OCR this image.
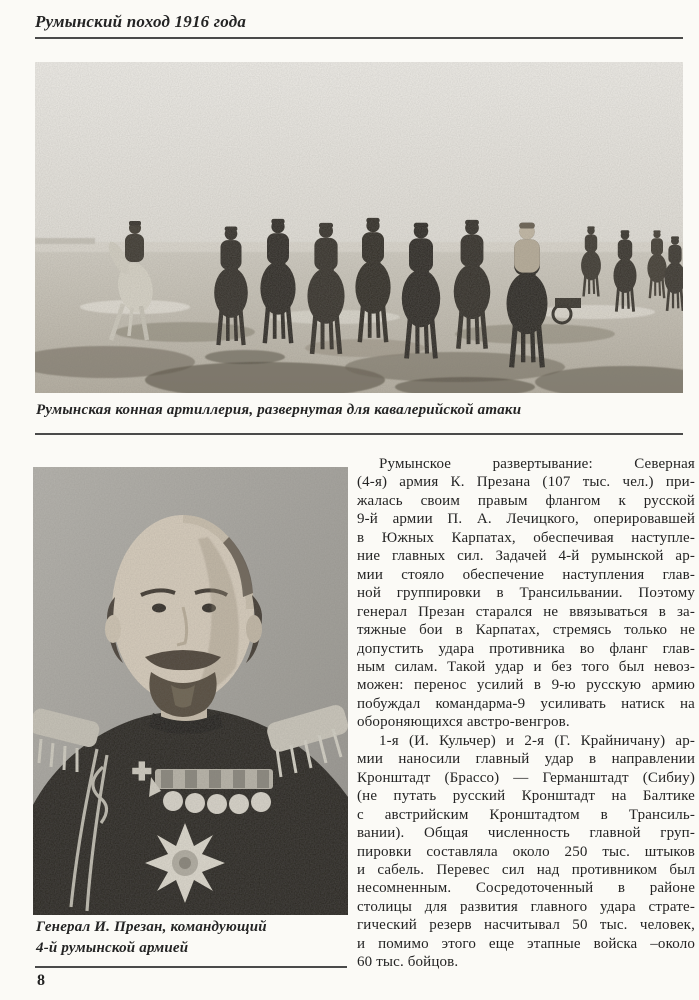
Румынский поход 1916 года
Румынская конная артиллерия, развернутая для кавалерийской атаки
Генерал И. Презан, командующий
4-й румынской армией
Румынское развертывание: Северная
(4-я) армия К. Презана (107 тыс. чел.) при-
жалась своим правым флангом к русской
9-й армии П. А. Лечицкого, оперировавшей
в Южных Карпатах, обеспечивая наступле-
ние главных сил. Задачей 4-й румынской ар-
мии стояло обеспечение наступления глав-
ной группировки в Трансильвании. Поэтому
генерал Презан старался не ввязываться в за-
тяжные бои в Карпатах, стремясь только не
допустить удара противника во фланг глав-
ным силам. Такой удар и без того был невоз-
можен: перенос усилий в 9-ю русскую армию
побуждал командарма-9 усиливать натиск на
обороняющихся австро-венгров.
1-я (И. Кульчер) и 2-я (Г. Крайничану) ар-
мии наносили главный удар в направлении
Кронштадт (Брассо) — Германштадт (Сибиу)
(не путать русский Кронштадт на Балтике
с австрийским Кронштадтом в Трансиль-
вании). Общая численность главной груп-
пировки составляла около 250 тыс. штыков
и сабель. Перевес сил над противником был
несомненным. Сосредоточенный в районе
столицы для развития главного удара страте-
гический резерв насчитывал 50 тыс. человек,
и помимо этого еще этапные войска –около
60 тыс. бойцов.
8
